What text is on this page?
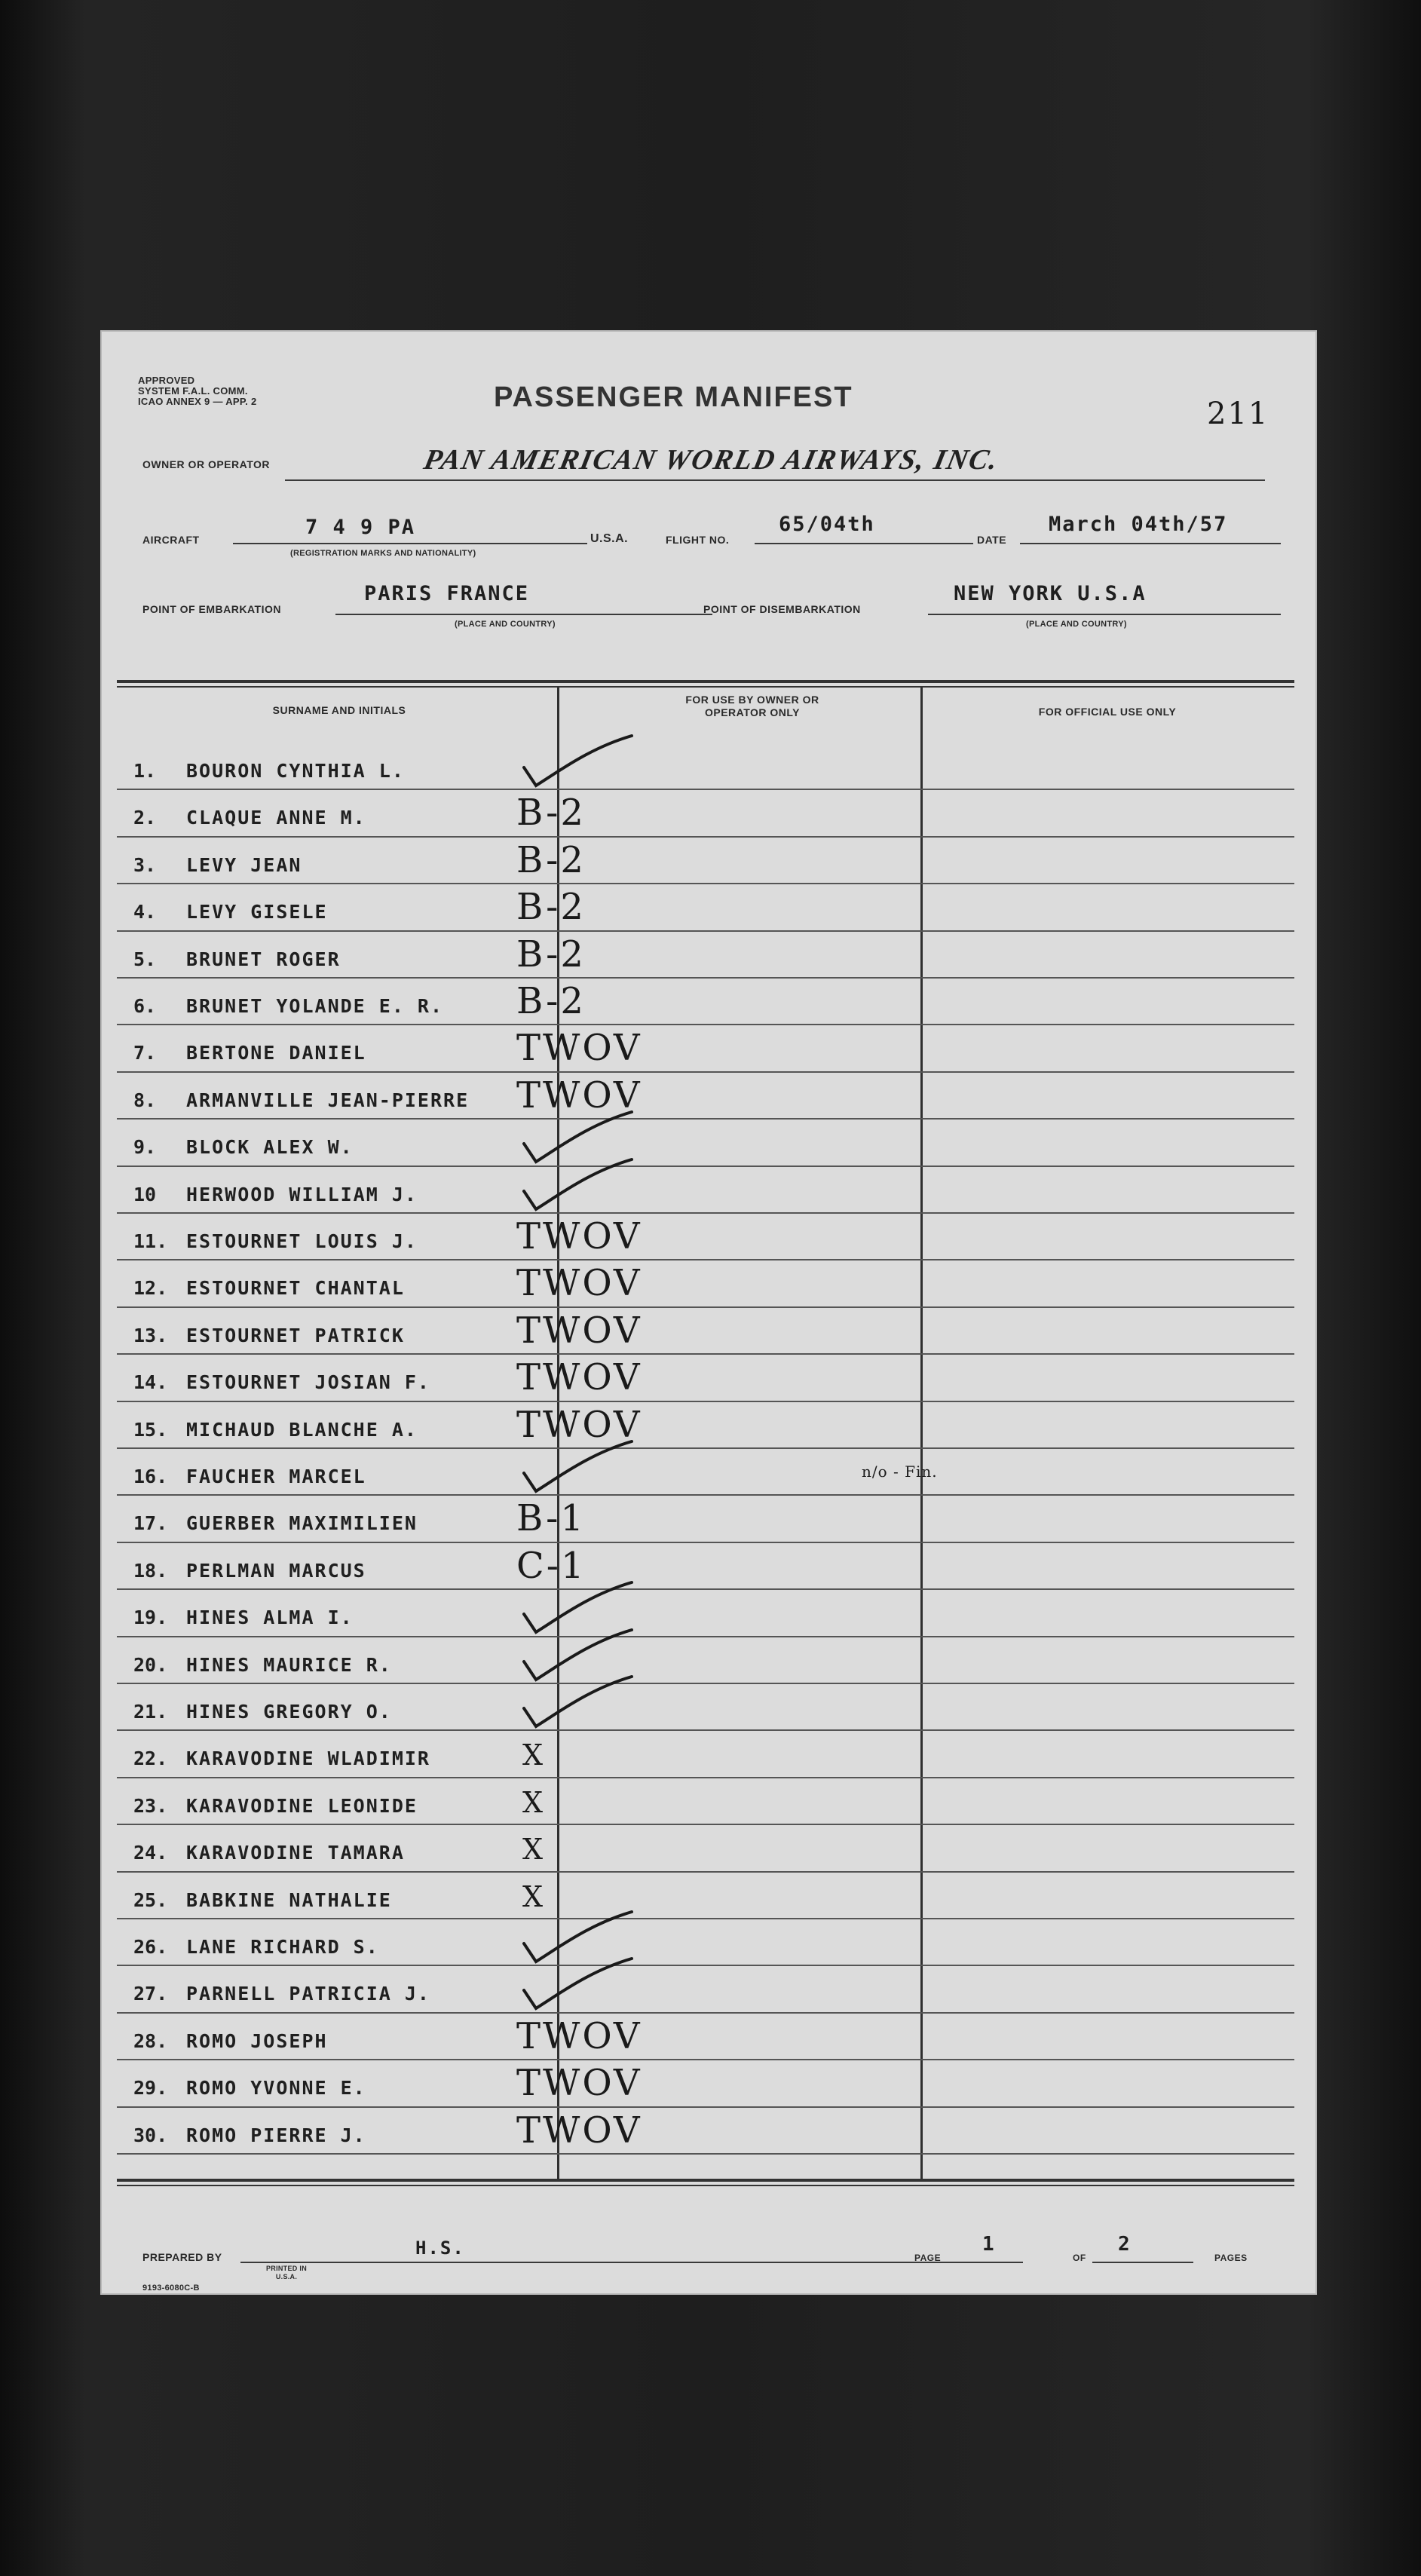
APPROVED
SYSTEM F.A.L. COMM.
ICAO ANNEX 9 — APP. 2	PASSENGER MANIFEST	211
OWNER OR OPERATOR	PAN AMERICAN WORLD AIRWAYS, INC.
AIRCRAFT
7 4 9 PA
(REGISTRATION MARKS AND NATIONALITY)
U.S.A.	FLIGHT NO.
65/04th
DATE
March 04th/57
POINT OF EMBARKATION
PARIS FRANCE
(PLACE AND COUNTRY)
POINT OF DISEMBARKATION
NEW YORK U.S.A
(PLACE AND COUNTRY)
SURNAME AND INITIALS
FOR USE BY OWNER OR OPERATOR ONLY	FOR OFFICIAL USE ONLY
1. BOURON CYNTHIA L.
2. CLAQUE ANNE M.	B-2
3. LEVY JEAN	B-2
4. LEVY GISELE	B-2
5. BRUNET ROGER	B-2
6. BRUNET YOLANDE E. R. B-2
7. BERTONE DANIEL	TWOV
8. ARMANVILLE JEAN-PIERRE TWOV
9. BLOCK ALEX W.
10 HERWOOD WILLIAM J.
11. ESTOURNET LOUIS J.	TWOV
12. ESTOURNET CHANTAL	TWOV
13. ESTOURNET PATRICK	TWOV
14. ESTOURNET JOSIAN F. TWOV
15. MICHAUD BLANCHE A.	TWOV
16. FAUCHER MARCEL	n/o - Fin.
17. GUERBER MAXIMILIEN	B-1
18. PERLMAN MARCUS	C-1
19. HINES ALMA I.
20. HINES MAURICE R.
21. HINES GREGORY O.
22. KARAVODINE WLADIMIR	X
23. KARAVODINE LEONIDE	X
24. KARAVODINE TAMARA	X
25. BABKINE NATHALIE	X
26. LANE RICHARD S.
27. PARNELL PATRICIA J.
28. ROMO JOSEPH	TWOV
29. ROMO YVONNE E.	TWOV
30. ROMO PIERRE J.	TWOV
PREPARED BY	H.S.
PRINTED IN U.S.A.
9193-6080C-B
PAGE
1
OF
2
PAGES
